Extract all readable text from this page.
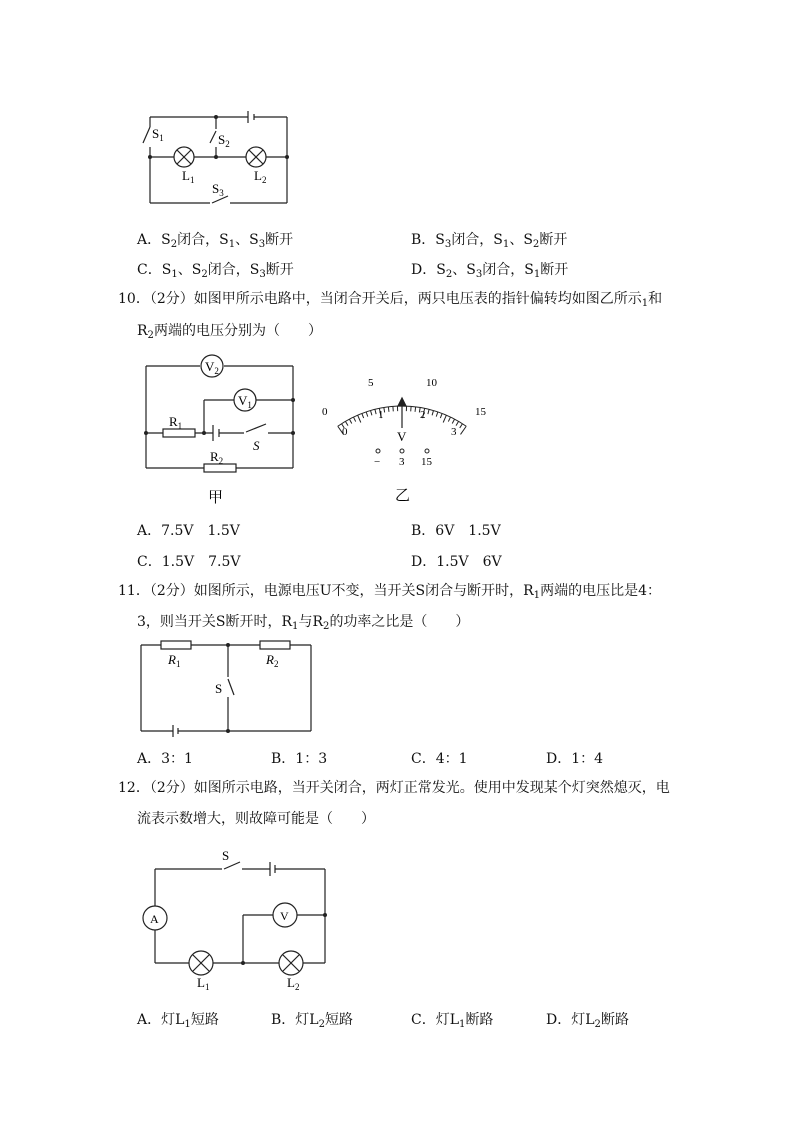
$S_1$	$S_2$
$L_1$	$L_2$
$S_3$
A．$S_2$闭合，$S_1$、$S_3$断开	B．$S_3$闭合，$S_1$、$S_2$断开
C．$S_1$、$S_2$闭合，$S_3$断开	D．$S_2$、$S_3$闭合，$S_1$断开
10．（2分）如图甲所示电路中，当闭合开关后，两只电压表的指针偏转均如图乙所示$_1$和
$R_2$两端的电压分别为（　　）
$V_2$
$V_1$
$R_1$
$R_2$
S
甲
0
5	10
15
0
1	2
3
V
− 3 15
乙
A．7.5V　1.5V	B．6V　1.5V
C．1.5V　7.5V	D．1.5V　6V
11．（2分）如图所示，电源电压U不变，当开关S闭合与断开时，$R_1$两端的电压比是4：
3，则当开关S断开时，$R_1$与$R_2$的功率之比是（　　）
$R_1$	$R_2$
S
A．3：1	B．1：3	C．4：1	D．1：4
12．（2分）如图所示电路，当开关闭合，两灯正常发光。使用中发现某个灯突然熄灭，电
流表示数增大，则故障可能是（　　）
S
A	V
$L_1$	$L_2$
A．灯$L_1$短路	B．灯$L_2$短路	C．灯$L_1$断路	D．灯$L_2$断路
